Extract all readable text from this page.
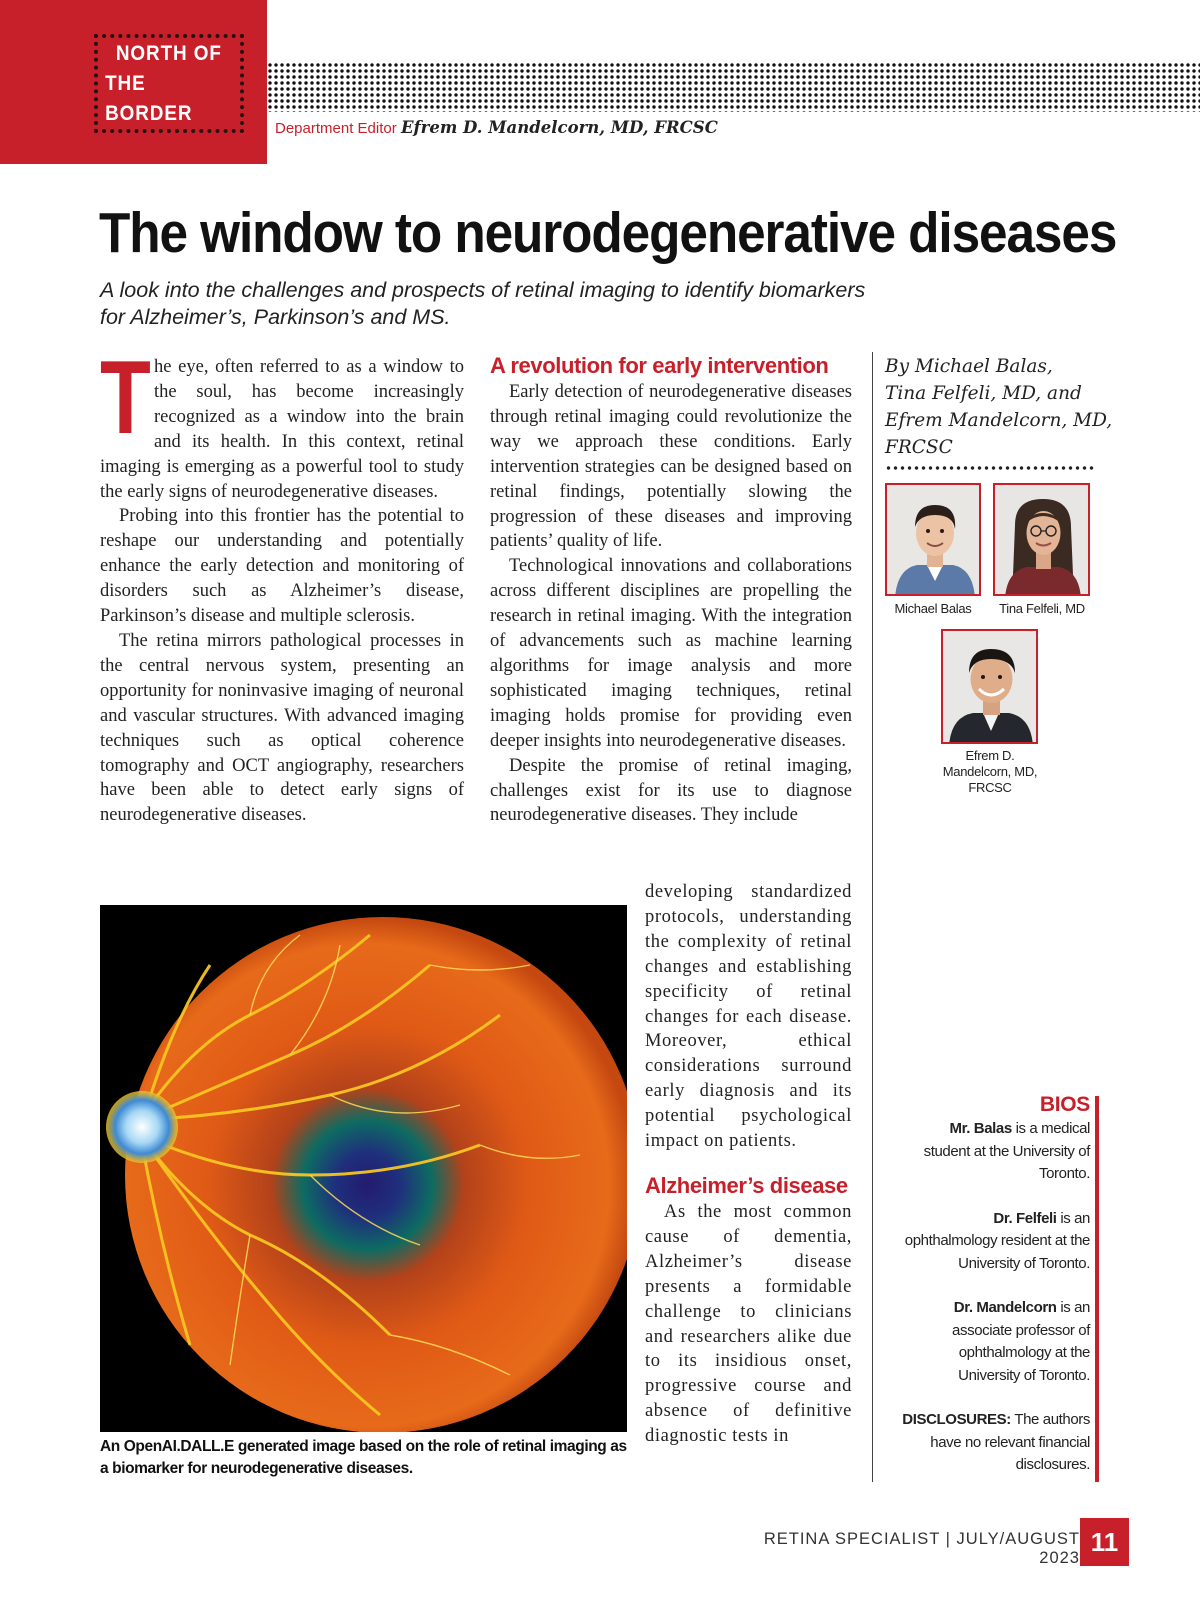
NORTH OF
THE BORDER
Department Editor Efrem D. Mandelcorn, MD, FRCSC
The window to neurodegenerative diseases
A look into the challenges and prospects of retinal imaging to identify biomarkers
for Alzheimer’s, Parkinson’s and MS.

The eye, often referred to as a window to the soul, has become increasingly recognized as a window into the brain and its health. In this context, retinal imaging is emerging as a powerful tool to study the early signs of neurodegenerative diseases.

Probing into this frontier has the potential to reshape our understanding and potentially enhance the early detection and monitoring of disorders such as Alzheimer’s disease, Parkinson’s disease and multiple sclerosis.

The retina mirrors pathological processes in the central nervous system, presenting an opportunity for noninvasive imaging of neuronal and vascular structures. With advanced imaging techniques such as optical coherence tomography and OCT angiography, researchers have been able to detect early signs of neurodegenerative diseases.

A revolution for early intervention

Early detection of neurodegenerative diseases through retinal imaging could revolutionize the way we approach these conditions. Early intervention strategies can be designed based on retinal findings, potentially slowing the progression of these diseases and improving patients’ quality of life.

Technological innovations and collaborations across different disciplines are propelling the research in retinal imaging. With the integration of advancements such as machine learning algorithms for image analysis and more sophisticated imaging techniques, retinal imaging holds promise for providing even deeper insights into neurodegenerative diseases.

Despite the promise of retinal imaging, challenges exist for its use to diagnose neurodegenerative diseases. They include

developing standardized protocols, understanding the complexity of retinal changes and establishing specificity of retinal changes for each disease. Moreover, ethical considerations surround early diagnosis and its potential psychological impact on patients.

Alzheimer’s disease

As the most common cause of dementia, Alzheimer’s disease presents a formidable challenge to clinicians and researchers alike due to its insidious onset, progressive course and absence of definitive diagnostic tests in

By Michael Balas,
Tina Felfeli, MD, and
Efrem Mandelcorn, MD,
FRCSC
Michael Balas	Tina Felfeli, MD
Efrem D.
Mandelcorn, MD,
FRCSC
An OpenAI.DALL.E generated image based on the role of retinal imaging as a biomarker for neurodegenerative diseases.
BIOS

Mr. Balas is a medical student at the University of Toronto.

Dr. Felfeli is an ophthalmology resident at the University of Toronto.

Dr. Mandelcorn is an associate professor of ophthalmology at the University of Toronto.

DISCLOSURES: The authors have no relevant financial disclosures.

RETINA SPECIALIST | JULY/AUGUST 2023
11
